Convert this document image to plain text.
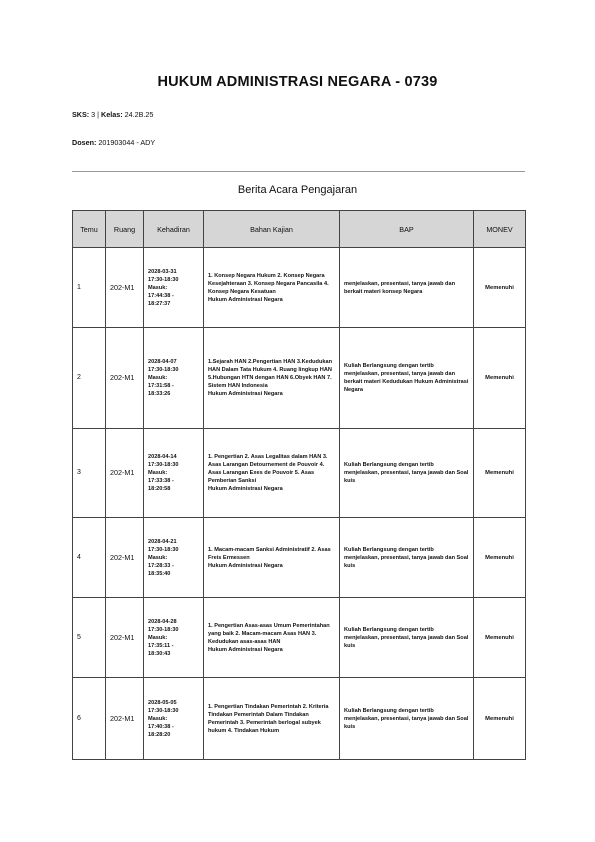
HUKUM ADMINISTRASI NEGARA - 0739
SKS: 3 | Kelas: 24.2B.25
Dosen: 201903044 - ADY
Berita Acara Pengajaran
Temu	Ruang	Kehadiran	Bahan Kajian	BAP	MONEV
1	202-M1	2028-03-31
17:30-18:30
Masuk:
17:44:38 -
18:27:37	1. Konsep Negara Hukum 2. Konsep Negara Kesejahteraan 3. Konsep Negara Pancasila 4. Konsep Negara Kesatuan
Hukum Administrasi Negara	menjelaskan, presentasi, tanya jawab dan berkait materi konsep Negara	Memenuhi
2	202-M1	2028-04-07
17:30-18:30
Masuk:
17:31:58 -
18:33:26	1.Sejarah HAN 2.Pengertian HAN 3.Kedudukan HAN Dalam Tata Hukum 4. Ruang lingkup HAN 5.Hubungan HTN dengan HAN 6.Obyek HAN 7. Sistem HAN Indonesia
Hukum Administrasi Negara	Kuliah Berlangsung dengan tertib menjelaskan, presentasi, tanya jawab dan berkait materi Kedudukan Hukum Administrasi Negara	Memenuhi
3	202-M1	2028-04-14
17:30-18:30
Masuk:
17:33:38 -
18:20:58	1. Pengertian 2. Asas Legalitas dalam HAN 3. Asas Larangan Detournement de Pouvoir 4. Asas Larangan Exes de Pouvoir 5. Asas Pemberian Sanksi
Hukum Administrasi Negara	Kuliah Berlangsung dengan tertib menjelaskan, presentasi, tanya jawab dan Soal kuis	Memenuhi
4	202-M1	2028-04-21
17:30-18:30
Masuk:
17:28:33 -
18:35:40	1. Macam-macam Sanksi Administratif 2. Asas Freis Ermessen
Hukum Administrasi Negara	Kuliah Berlangsung dengan tertib menjelaskan, presentasi, tanya jawab dan Soal kuis	Memenuhi
5	202-M1	2028-04-28
17:30-18:30
Masuk:
17:35:11 -
18:30:43	1. Pengertian Asas-asas Umum Pemerintahan yang baik 2. Macam-macam Asas HAN 3. Kedudukan asas-asas HAN
Hukum Administrasi Negara	Kuliah Berlangsung dengan tertib menjelaskan, presentasi, tanya jawab dan Soal kuis	Memenuhi
6	202-M1	2028-05-05
17:30-18:30
Masuk:
17:40:38 -
18:28:20	1. Pengertian Tindakan Pemerintah 2. Kriteria Tindakan Pemerintah Dalam Tindakan Pemerintah 3. Pemerintah berlogal subyek hukum 4. Tindakan Hukum	Kuliah Berlangsung dengan tertib menjelaskan, presentasi, tanya jawab dan Soal kuis	Memenuhi
